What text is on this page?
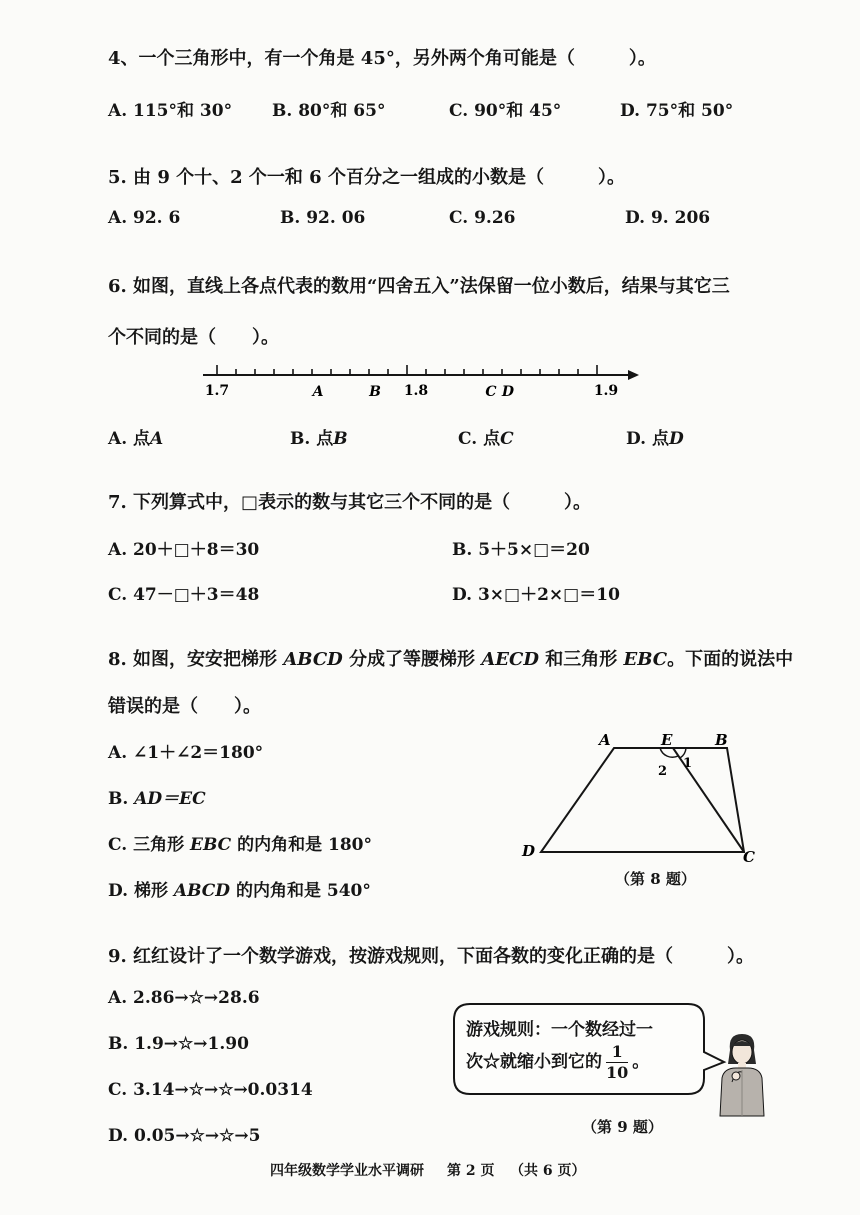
4、一个三角形中，有一个角是 45°，另外两个角可能是（　　　）。
A. 115°和 30° B. 80°和 65°	C. 90°和 45°	D. 75°和 50°
5. 由 9 个十、2 个一和 6 个百分之一组成的小数是（　　　）。
A. 92. 6	B. 92. 06	C. 9.26	D. 9. 206
6. 如图，直线上各点代表的数用“四舍五入”法保留一位小数后，结果与其它三
个不同的是（　　）。
1.7	1.8	1.9
A	B	C D
A. 点A	B. 点B	C. 点C	D. 点D
7. 下列算式中，□表示的数与其它三个不同的是（　　　）。
A. 20＋□＋8＝30	B. 5＋5×□＝20
C. 47－□＋3＝48	D. 3×□＋2×□＝10
8. 如图，安安把梯形 ABCD 分成了等腰梯形 AECD 和三角形 EBC。下面的说法中
错误的是（　　）。
A. ∠1＋∠2＝180°
B. AD＝EC
C. 三角形 EBC 的内角和是 180°
D. 梯形 ABCD 的内角和是 540°
A	E	B
D	C
1
2
（第 8 题）
9. 红红设计了一个数学游戏，按游戏规则，下面各数的变化正确的是（　　　）。
A. 2.86→☆→28.6
B. 1.9→☆→1.90
C. 3.14→☆→☆→0.0314
D. 0.05→☆→☆→5
游戏规则：一个数经过一
次☆就缩小到它的 $\frac{1}{10}$ 。
（第 9 题）
四年级数学学业水平调研 第 2 页 （共 6 页）
